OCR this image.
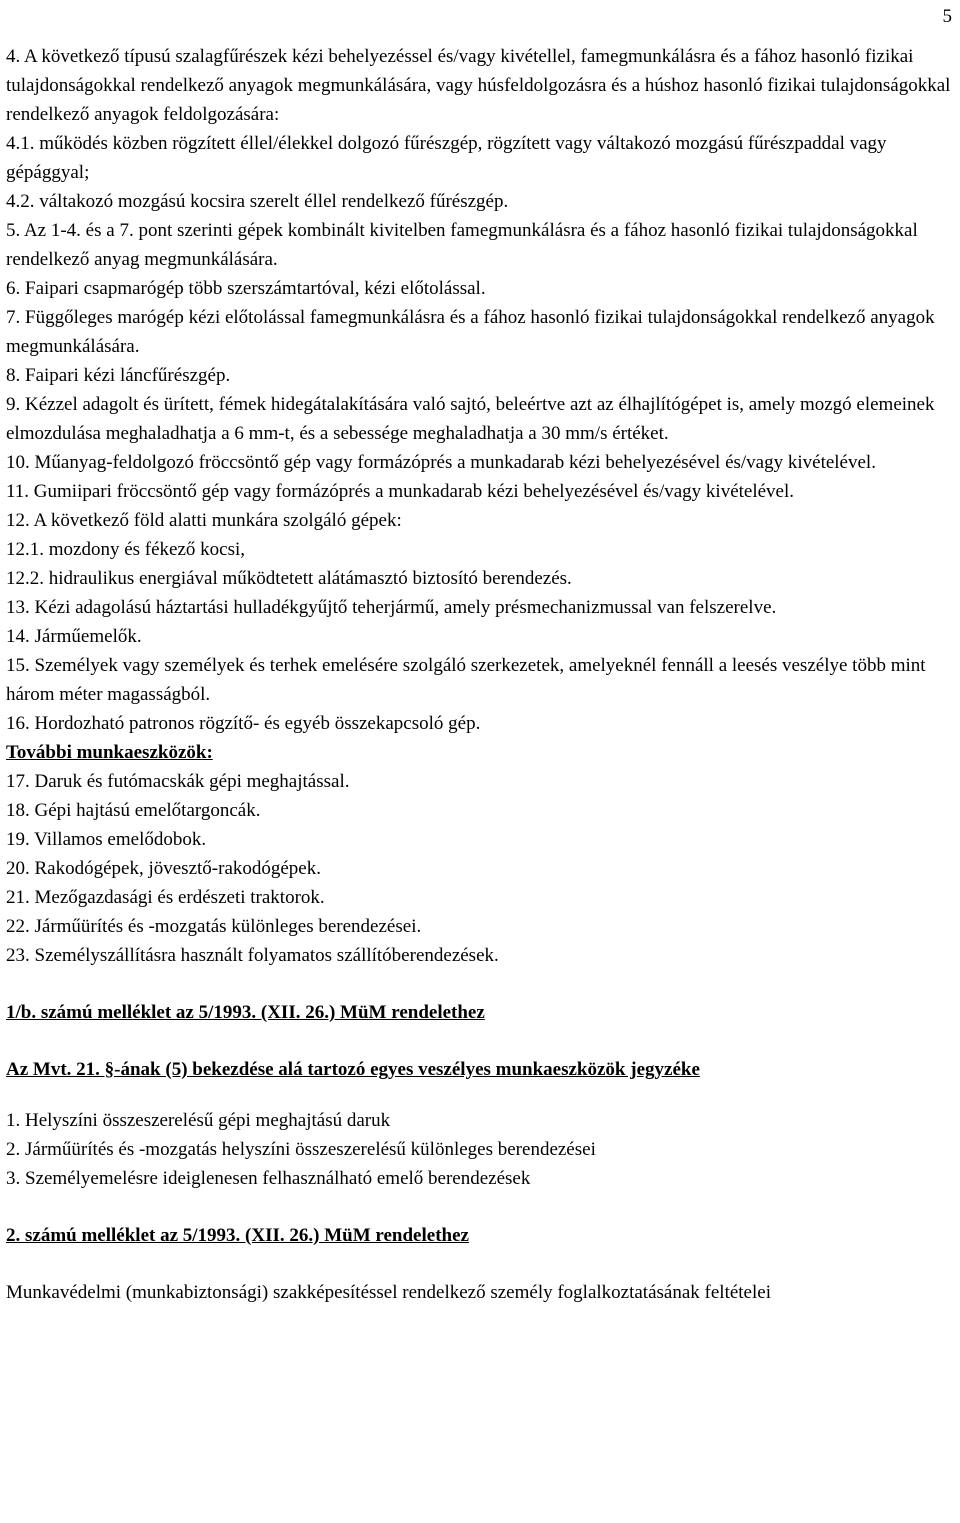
5

4. A következő típusú szalagfűrészek kézi behelyezéssel és/vagy kivétellel, famegmunkálásra és a fához hasonló fizikai tulajdonságokkal rendelkező anyagok megmunkálására, vagy húsfeldolgozásra és a húshoz hasonló fizikai tulajdonságokkal rendelkező anyagok feldolgozására:

4.1. működés közben rögzített éllel/élekkel dolgozó fűrészgép, rögzített vagy váltakozó mozgású fűrészpaddal vagy gépággyal;

4.2. váltakozó mozgású kocsira szerelt éllel rendelkező fűrészgép.

5. Az 1-4. és a 7. pont szerinti gépek kombinált kivitelben famegmunkálásra és a fához hasonló fizikai tulajdonságokkal rendelkező anyag megmunkálására.

6. Faipari csapmarógép több szerszámtartóval, kézi előtolással.

7. Függőleges marógép kézi előtolással famegmunkálásra és a fához hasonló fizikai tulajdonságokkal rendelkező anyagok megmunkálására.

8. Faipari kézi láncfűrészgép.

9. Kézzel adagolt és ürített, fémek hidegátalakítására való sajtó, beleértve azt az élhajlítógépet is, amely mozgó elemeinek elmozdulása meghaladhatja a 6 mm-t, és a sebessége meghaladhatja a 30 mm/s értéket.

10. Műanyag-feldolgozó fröccsöntő gép vagy formázóprés a munkadarab kézi behelyezésével és/vagy kivételével.

11. Gumiipari fröccsöntő gép vagy formázóprés a munkadarab kézi behelyezésével és/vagy kivételével.

12. A következő föld alatti munkára szolgáló gépek:

12.1. mozdony és fékező kocsi,

12.2. hidraulikus energiával működtetett alátámasztó biztosító berendezés.

13. Kézi adagolású háztartási hulladékgyűjtő teherjármű, amely présmechanizmussal van felszerelve.

14. Járműemelők.

15. Személyek vagy személyek és terhek emelésére szolgáló szerkezetek, amelyeknél fennáll a leesés veszélye több mint három méter magasságból.

16. Hordozható patronos rögzítő- és egyéb összekapcsoló gép.

További munkaeszközök:

17. Daruk és futómacskák gépi meghajtással.

18. Gépi hajtású emelőtargoncák.

19. Villamos emelődobok.

20. Rakodógépek, jövesztő-rakodógépek.

21. Mezőgazdasági és erdészeti traktorok.

22. Járműürítés és -mozgatás különleges berendezései.

23. Személyszállításra használt folyamatos szállítóberendezések.

1/b. számú melléklet az 5/1993. (XII. 26.) MüM rendelethez

Az Mvt. 21. §-ának (5) bekezdése alá tartozó egyes veszélyes munkaeszközök jegyzéke

1. Helyszíni összeszerelésű gépi meghajtású daruk

2. Járműürítés és -mozgatás helyszíni összeszerelésű különleges berendezései

3. Személyemelésre ideiglenesen felhasználható emelő berendezések

2. számú melléklet az 5/1993. (XII. 26.) MüM rendelethez

Munkavédelmi (munkabiztonsági) szakképesítéssel rendelkező személy foglalkoztatásának feltételei
